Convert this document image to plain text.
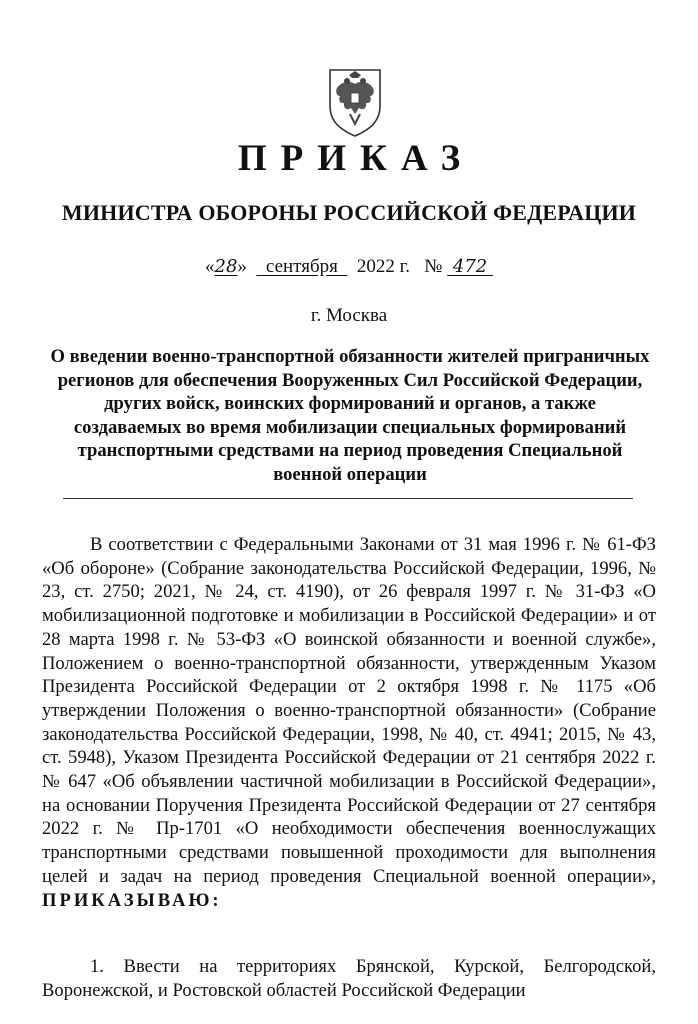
ПРИКАЗ
МИНИСТРА ОБОРОНЫ РОССИЙСКОЙ ФЕДЕРАЦИИ
«28» сентября 2022 г. № 472
г. Москва
О введении военно-транспортной обязанности жителей приграничных регионов для обеспечения Вооруженных Сил Российской Федерации, других войск, воинских формирований и органов, а также создаваемых во время мобилизации специальных формирований транспортными средствами на период проведения Специальной военной операции

В соответствии с Федеральными Законами от 31 мая 1996 г. № 61-ФЗ «Об обороне» (Собрание законодательства Российской Федерации, 1996, № 23, ст. 2750; 2021, № 24, ст. 4190), от 26 февраля 1997 г. № 31-ФЗ «О мобилизационной подготовке и мобилизации в Российской Федерации» и от 28 марта 1998 г. № 53-ФЗ «О воинской обязанности и военной службе», Положением о военно-транспортной обязанности, утвержденным Указом Президента Российской Федерации от 2 октября 1998 г. № 1175 «Об утверждении Положения о военно-транспортной обязанности» (Собрание законодательства Российской Федерации, 1998, № 40, ст. 4941; 2015, № 43, ст. 5948), Указом Президента Российской Федерации от 21 сентября 2022 г. № 647 «Об объявлении частичной мобилизации в Российской Федерации», на основании Поручения Президента Российской Федерации от 27 сентября 2022 г. № Пр-1701 «О необходимости обеспечения военнослужащих транспортными средствами повышенной проходимости для выполнения целей и задач на период проведения Специальной военной операции», ПРИКАЗЫВАЮ:

1. Ввести на территориях Брянской, Курской, Белгородской, Воронежской, и Ростовской областей Российской Федерации
